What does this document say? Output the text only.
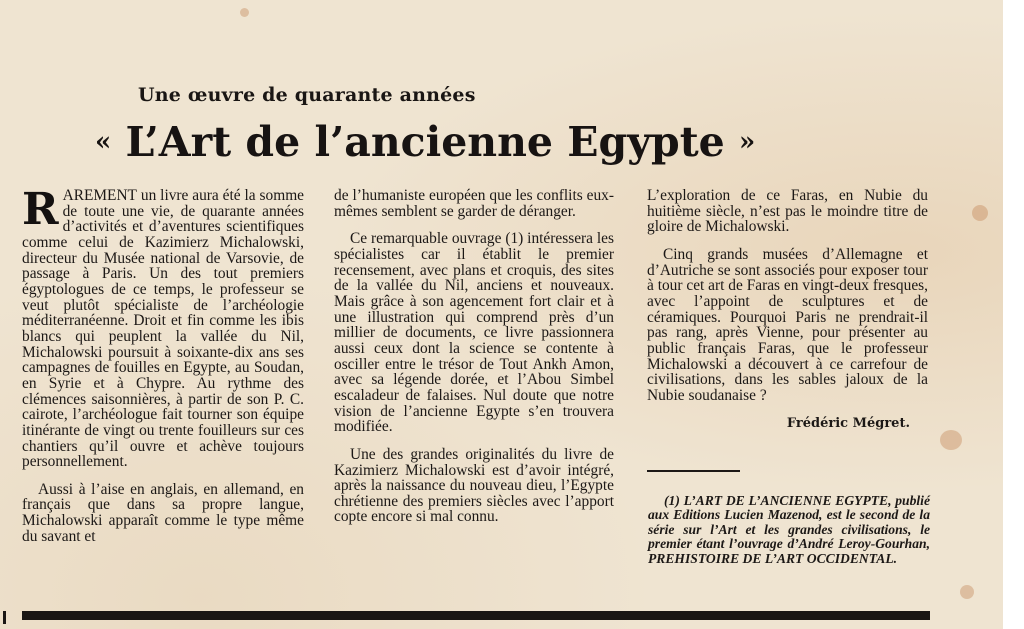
Une œuvre de quarante années
« L’Art de l’ancienne Egypte »

RAREMENT un livre aura été la somme de toute une vie, de quarante années d’activités et d’aventures scientifiques comme celui de Kazimierz Michalowski, directeur du Musée national de Varsovie, de passage à Paris. Un des tout premiers égyptologues de ce temps, le professeur se veut plutôt spécialiste de l’archéologie méditerranéenne. Droit et fin comme les ibis blancs qui peuplent la vallée du Nil, Michalowski poursuit à soixante-dix ans ses campagnes de fouilles en Egypte, au Soudan, en Syrie et à Chypre. Au rythme des clémences saisonnières, à partir de son P. C. cairote, l’archéologue fait tourner son équipe itinérante de vingt ou trente fouilleurs sur ces chantiers qu’il ouvre et achève toujours personnellement.

Aussi à l’aise en anglais, en allemand, en français que dans sa propre langue, Michalowski apparaît comme le type même du savant et

de l’humaniste européen que les conflits eux-mêmes semblent se garder de déranger.

Ce remarquable ouvrage (1) intéressera les spécialistes car il établit le premier recensement, avec plans et croquis, des sites de la vallée du Nil, anciens et nouveaux. Mais grâce à son agencement fort clair et à une illustration qui comprend près d’un millier de documents, ce livre passionnera aussi ceux dont la science se contente à osciller entre le trésor de Tout Ankh Amon, avec sa légende dorée, et l’Abou Simbel escaladeur de falaises. Nul doute que notre vision de l’ancienne Egypte s’en trouvera modifiée.

Une des grandes originalités du livre de Kazimierz Michalowski est d’avoir intégré, après la naissance du nouveau dieu, l’Egypte chrétienne des premiers siècles avec l’apport copte encore si mal connu.

L’exploration de ce Faras, en Nubie du huitième siècle, n’est pas le moindre titre de gloire de Michalowski.

Cinq grands musées d’Allemagne et d’Autriche se sont associés pour exposer tour à tour cet art de Faras en vingt-deux fresques, avec l’appoint de sculptures et de céramiques. Pourquoi Paris ne prendrait-il pas rang, après Vienne, pour présenter au public français Faras, que le professeur Michalowski a découvert à ce carrefour de civilisations, dans les sables jaloux de la Nubie soudanaise ?

Frédéric Mégret.

(1) L’ART DE L’ANCIENNE EGYPTE, publié aux Editions Lucien Mazenod, est le second de la série sur l’Art et les grandes civilisations, le premier étant l’ouvrage d’André Leroy-Gourhan, PREHISTOIRE DE L’ART OCCIDENTAL.
